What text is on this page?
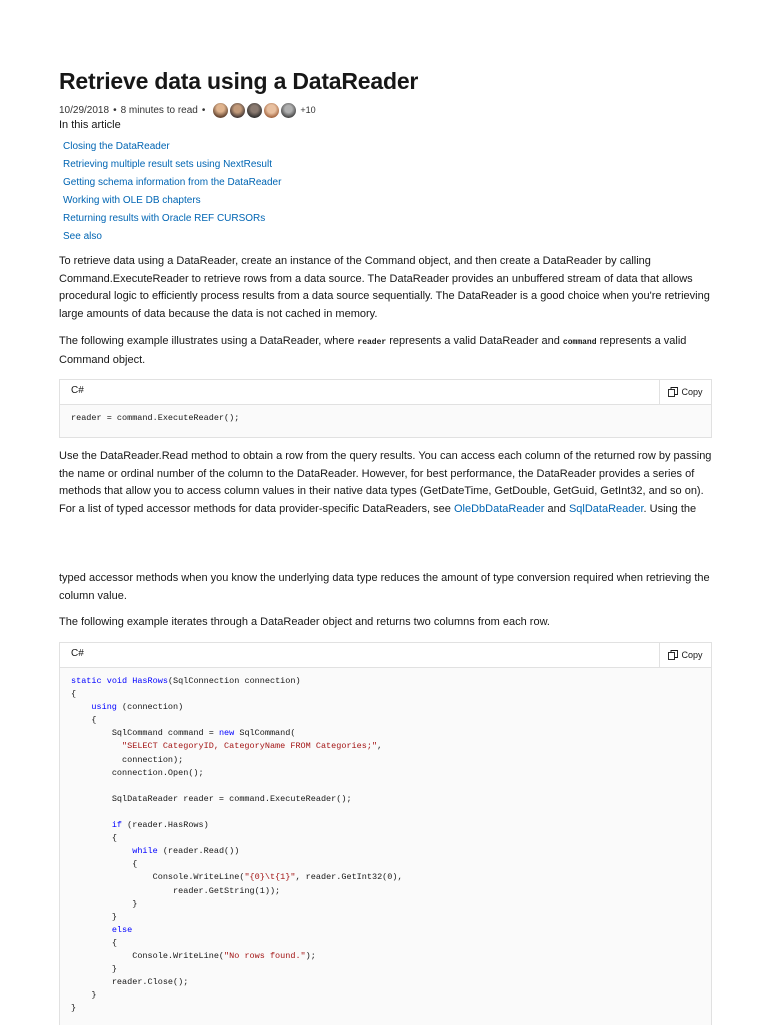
Retrieve data using a DataReader
10/29/2018 • 8 minutes to read •	+10
In this article
Closing the DataReader
Retrieving multiple result sets using NextResult
Getting schema information from the DataReader
Working with OLE DB chapters
Returning results with Oracle REF CURSORs
See also

To retrieve data using a DataReader, create an instance of the Command object, and then create a DataReader by calling Command.ExecuteReader to retrieve rows from a data source. The DataReader provides an unbuffered stream of data that allows procedural logic to efficiently process results from a data source sequentially. The DataReader is a good choice when you're retrieving large amounts of data because the data is not cached in memory.

The following example illustrates using a DataReader, where reader represents a valid DataReader and command represents a valid Command object.

C#	Copy
reader = command.ExecuteReader();

Use the DataReader.Read method to obtain a row from the query results. You can access each column of the returned row by passing the name or ordinal number of the column to the DataReader. However, for best performance, the DataReader provides a series of methods that allow you to access column values in their native data types (GetDateTime, GetDouble, GetGuid, GetInt32, and so on). For a list of typed accessor methods for data provider-specific DataReaders, see OleDbDataReader and SqlDataReader. Using the

typed accessor methods when you know the underlying data type reduces the amount of type conversion required when retrieving the column value.

The following example iterates through a DataReader object and returns two columns from each row.

C#	Copy
static void HasRows(SqlConnection connection)
{
using (connection)
{
SqlCommand command = new SqlCommand(
"SELECT CategoryID, CategoryName FROM Categories;",
connection);
connection.Open();

SqlDataReader reader = command.ExecuteReader();

if (reader.HasRows)
{
while (reader.Read())
{
Console.WriteLine("{0}\t{1}", reader.GetInt32(0),
reader.GetString(1));
}
}
else
{
Console.WriteLine("No rows found.");
}
reader.Close();
}
}
